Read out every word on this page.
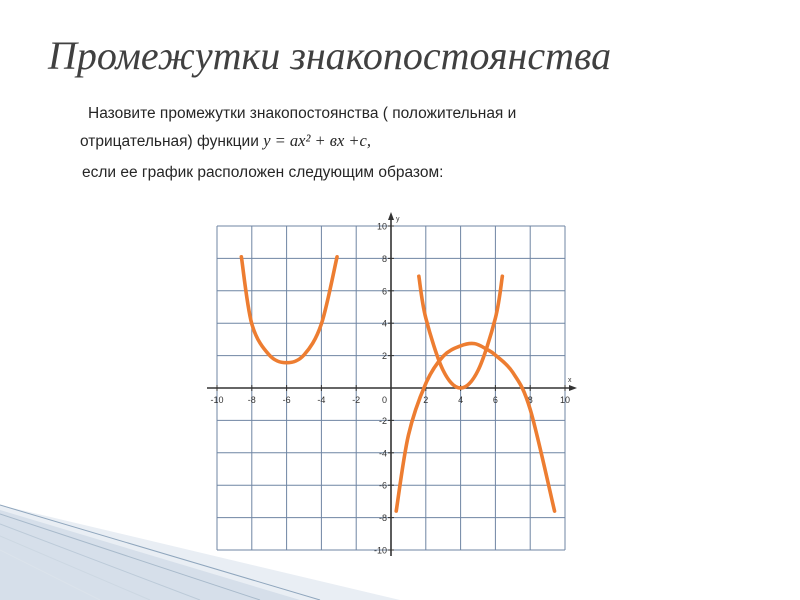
Промежутки знакопостоянства
Назовите промежутки знакопостоянства ( положительная и
отрицательная) функции y = ax² + вх +с,
если ее график расположен следующим образом:
x
y
-10	-8	-6	-4	-2	2	4	6	8	10
10
8
6
4
2
-2
-4
-6
-8
-10
0
